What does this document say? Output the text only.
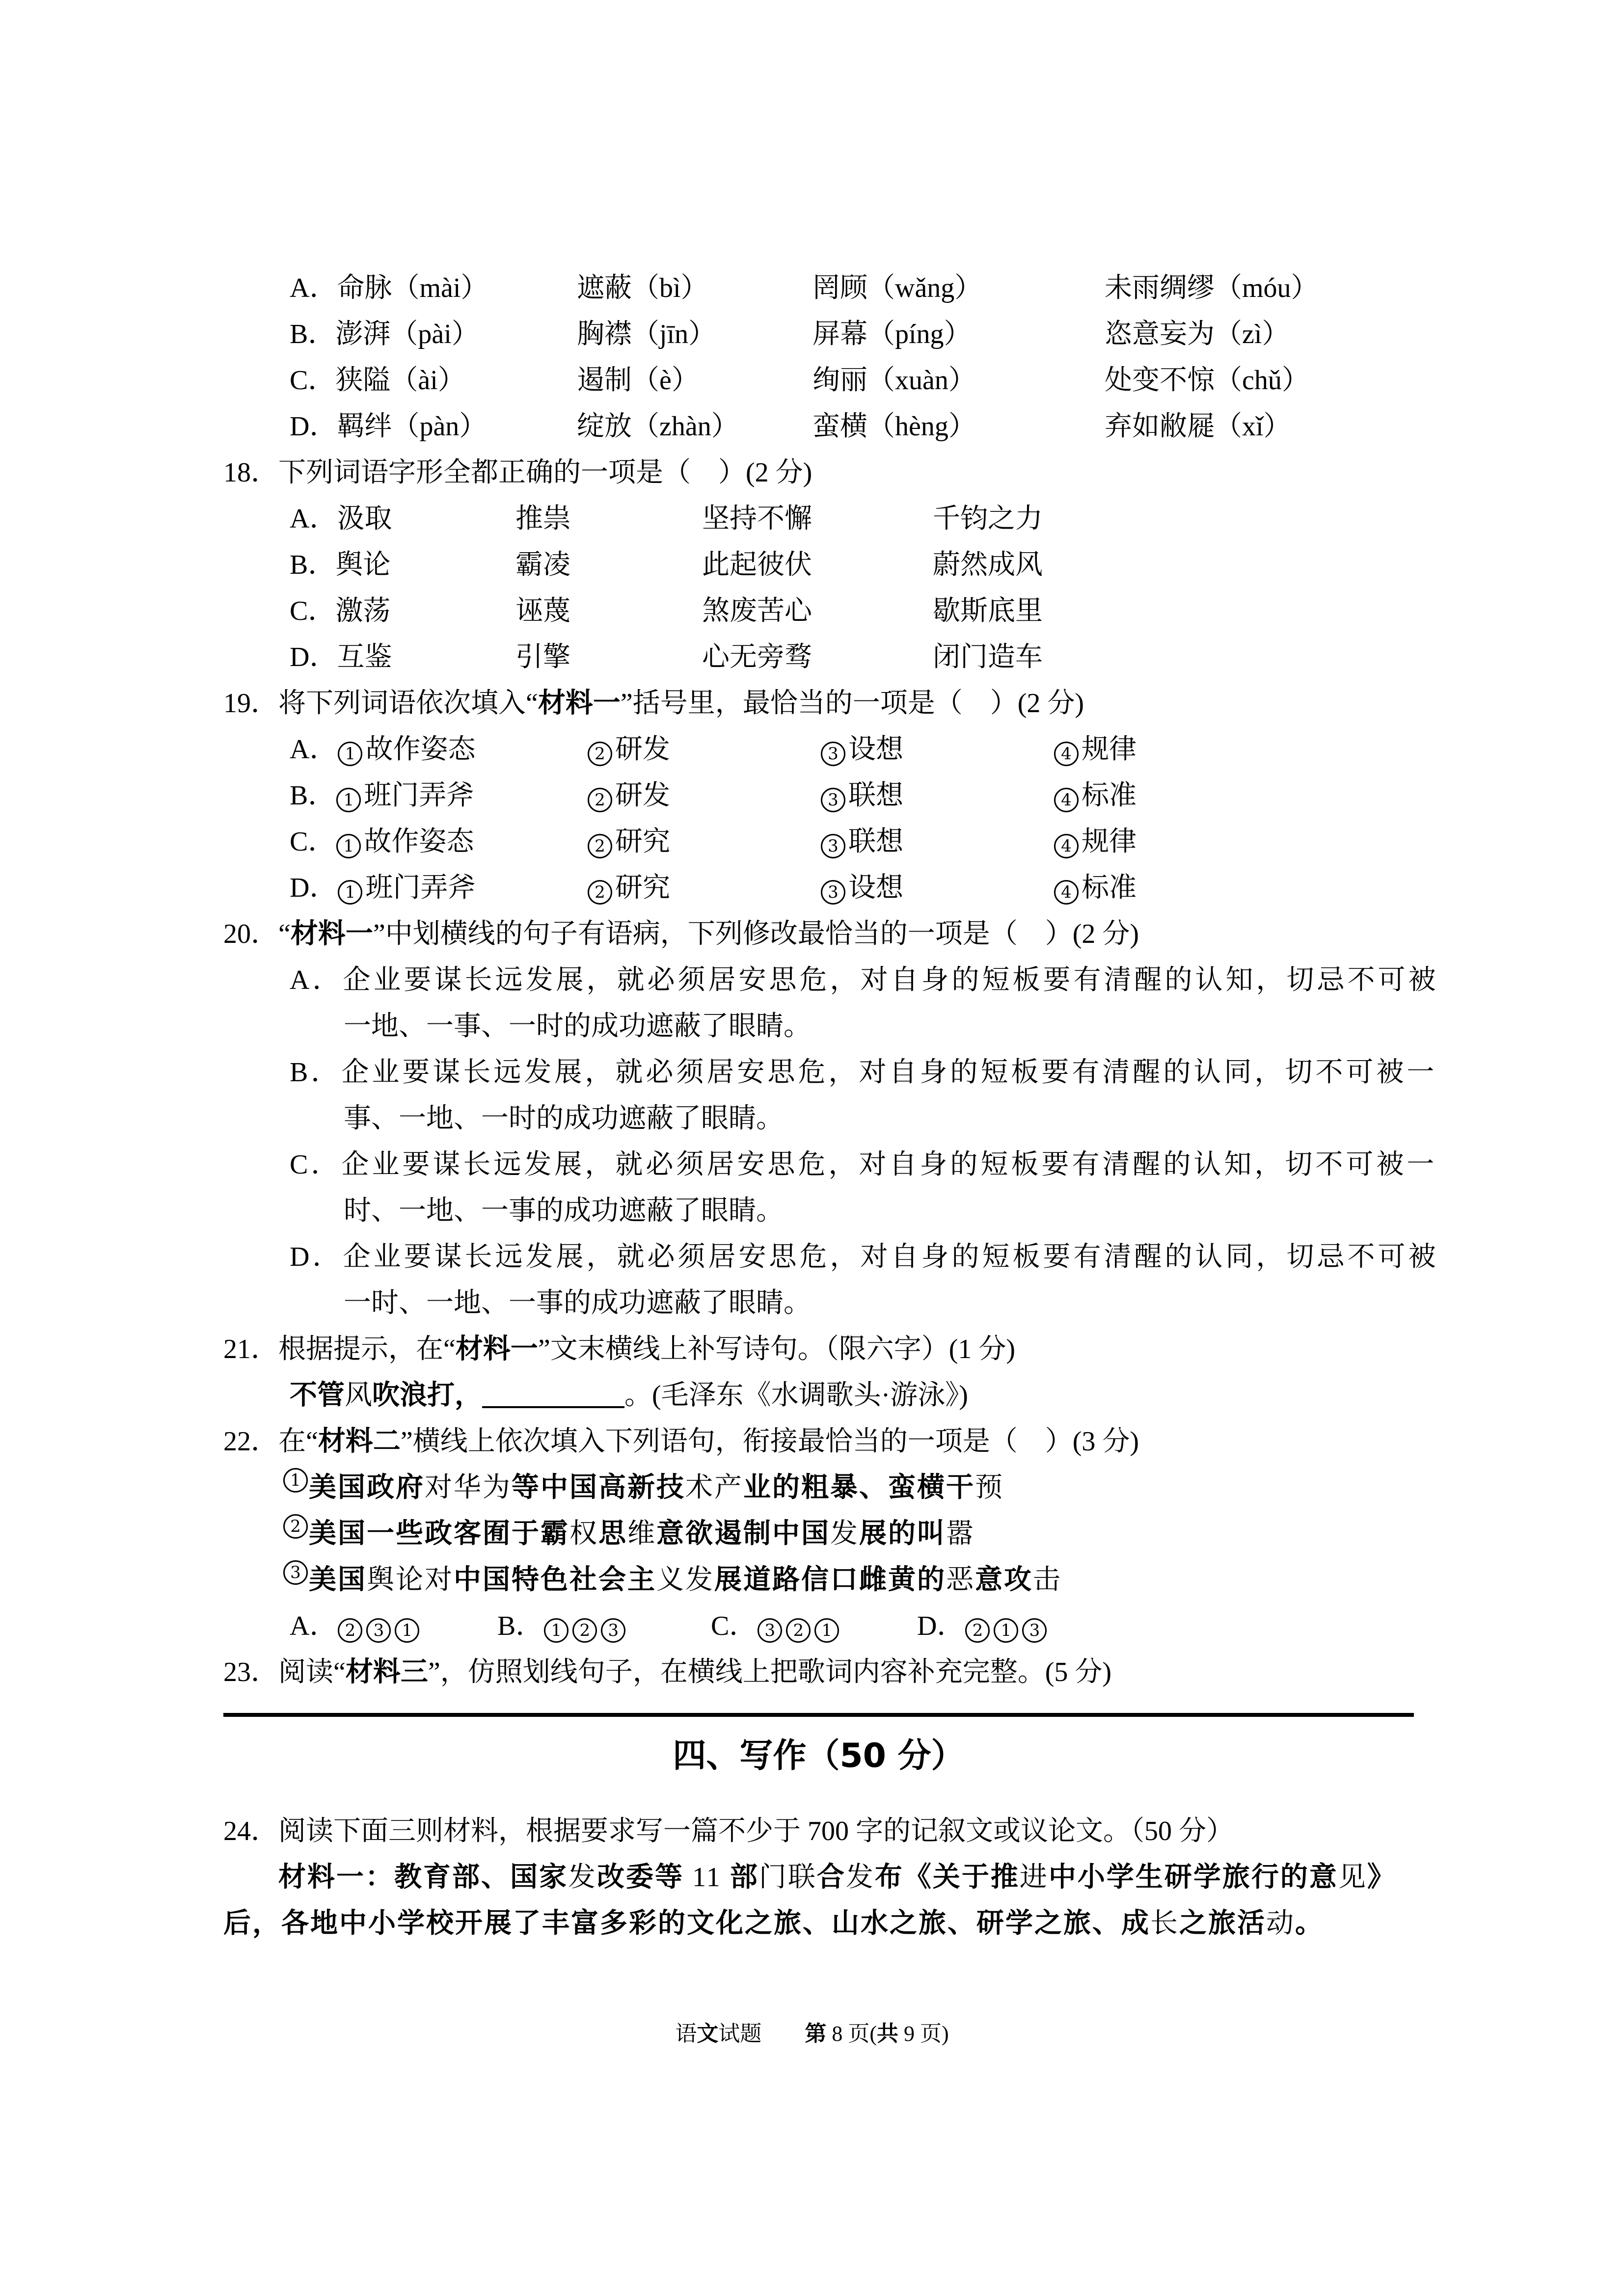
A．命脉（mài）	遮蔽（bì）	罔顾（wǎng）	未雨绸缪（móu）
B．澎湃（pài）	胸襟（jīn）	屏幕（píng）	恣意妄为（zì）
C．狭隘（ài）	遏制（è）	绚丽（xuàn）	处变不惊（chǔ）
D．羁绊（pàn）	绽放（zhàn）	蛮横（hèng）	弃如敝屣（xǐ）
18．下列词语字形全都正确的一项是（　）(2 分)
A．汲取	推祟	坚持不懈	千钧之力
B．舆论	霸凌	此起彼伏	蔚然成风
C．激荡	诬蔑	煞废苦心	歇斯底里
D．互鉴	引擎	心无旁骛	闭门造车
19．将下列词语依次填入“材料一”括号里，最恰当的一项是（　）(2 分)
A． 1 故作姿态	2 研发	3 设想	4 规律
B． 1 班门弄斧	2 研发	3 联想	4 标准
C． 1 故作姿态	2 研究	3 联想	4 规律
D． 1 班门弄斧	2 研究	3 设想	4 标准
20．“材料一”中划横线的句子有语病，下列修改最恰当的一项是（　）(2 分)
A．企业要谋长远发展，就必须居安思危，对自身的短板要有清醒的认知，切忌不可被
一地、一事、一时的成功遮蔽了眼睛。
B．企业要谋长远发展，就必须居安思危，对自身的短板要有清醒的认同，切不可被一
事、一地、一时的成功遮蔽了眼睛。
C．企业要谋长远发展，就必须居安思危，对自身的短板要有清醒的认知，切不可被一
时、一地、一事的成功遮蔽了眼睛。
D．企业要谋长远发展，就必须居安思危，对自身的短板要有清醒的认同，切忌不可被
一时、一地、一事的成功遮蔽了眼睛。
21．根据提示，在“材料一”文末横线上补写诗句。（限六字）(1 分)
不管风吹浪打，	。(毛泽东《水调歌头·游泳》)
22．在“材料二”横线上依次填入下列语句，衔接最恰当的一项是（　）(3 分)
1 美国政府对华为等中国高新技术产业的粗暴、蛮横干预
2 美国一些政客囿于霸权思维意欲遏制中国发展的叫嚣
3 美国舆论对中国特色社会主义发展道路信口雌黄的恶意攻击
A． 2 3 1	B． 1 2 3	C． 3 2 1	D． 2 1 3
23．阅读“材料三”，仿照划线句子，在横线上把歌词内容补充完整。(5 分)
四、写作（50 分）
24．阅读下面三则材料，根据要求写一篇不少于 700 字的记叙文或议论文。（50 分）
材料一：教育部、国家发改委等 11 部门联合发布《关于推进中小学生研学旅行的意见》
后，各地中小学校开展了丰富多彩的文化之旅、山水之旅、研学之旅、成长之旅活动。
语文试题　　 第 8 页(共 9 页)
